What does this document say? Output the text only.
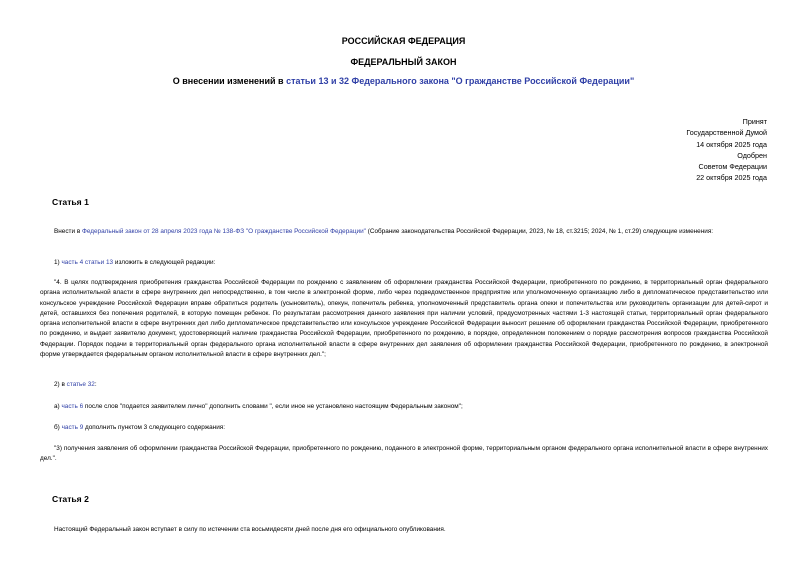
РОССИЙСКАЯ ФЕДЕРАЦИЯ
ФЕДЕРАЛЬНЫЙ ЗАКОН
О внесении изменений в статьи 13 и 32 Федерального закона "О гражданстве Российской Федерации"
Принят
Государственной Думой
14 октября 2025 года
Одобрен
Советом Федерации
22 октября 2025 года
Статья 1
Внести в Федеральный закон от 28 апреля 2023 года № 138-ФЗ "О гражданстве Российской Федерации" (Собрание законодательства Российской Федерации, 2023, № 18, ст.3215; 2024, № 1, ст.29) следующие изменения:
1) часть 4 статьи 13 изложить в следующей редакции:
"4. В целях подтверждения приобретения гражданства Российской Федерации по рождению с заявлением об оформлении гражданства Российской Федерации, приобретенного по рождению, в территориальный орган федерального органа исполнительной власти в сфере внутренних дел непосредственно, в том числе в электронной форме, либо через подведомственное предприятие или уполномоченную организацию либо в дипломатическое представительство или консульское учреждение Российской Федерации вправе обратиться родитель (усыновитель), опекун, попечитель ребенка, уполномоченный представитель органа опеки и попечительства или руководитель организации для детей-сирот и детей, оставшихся без попечения родителей, в которую помещен ребенок. По результатам рассмотрения данного заявления при наличии условий, предусмотренных частями 1-3 настоящей статьи, территориальный орган федерального органа исполнительной власти в сфере внутренних дел либо дипломатическое представительство или консульское учреждение Российской Федерации выносит решение об оформлении гражданства Российской Федерации, приобретенного по рождению, и выдает заявителю документ, удостоверяющий наличие гражданства Российской Федерации, приобретенного по рождению, в порядке, определенном положением о порядке рассмотрения вопросов гражданства Российской Федерации. Порядок подачи в территориальный орган федерального органа исполнительной власти в сфере внутренних дел заявления об оформлении гражданства Российской Федерации, приобретенного по рождению, в электронной форме утверждается федеральным органом исполнительной власти в сфере внутренних дел.";
2) в статье 32:
а) часть 6 после слов "подается заявителем лично" дополнить словами ", если иное не установлено настоящим Федеральным законом";
б) часть 9 дополнить пунктом 3 следующего содержания:
"3) получения заявления об оформлении гражданства Российской Федерации, приобретенного по рождению, поданного в электронной форме, территориальным органом федерального органа исполнительной власти в сфере внутренних дел.".
Статья 2
Настоящий Федеральный закон вступает в силу по истечении ста восьмидесяти дней после дня его официального опубликования.
